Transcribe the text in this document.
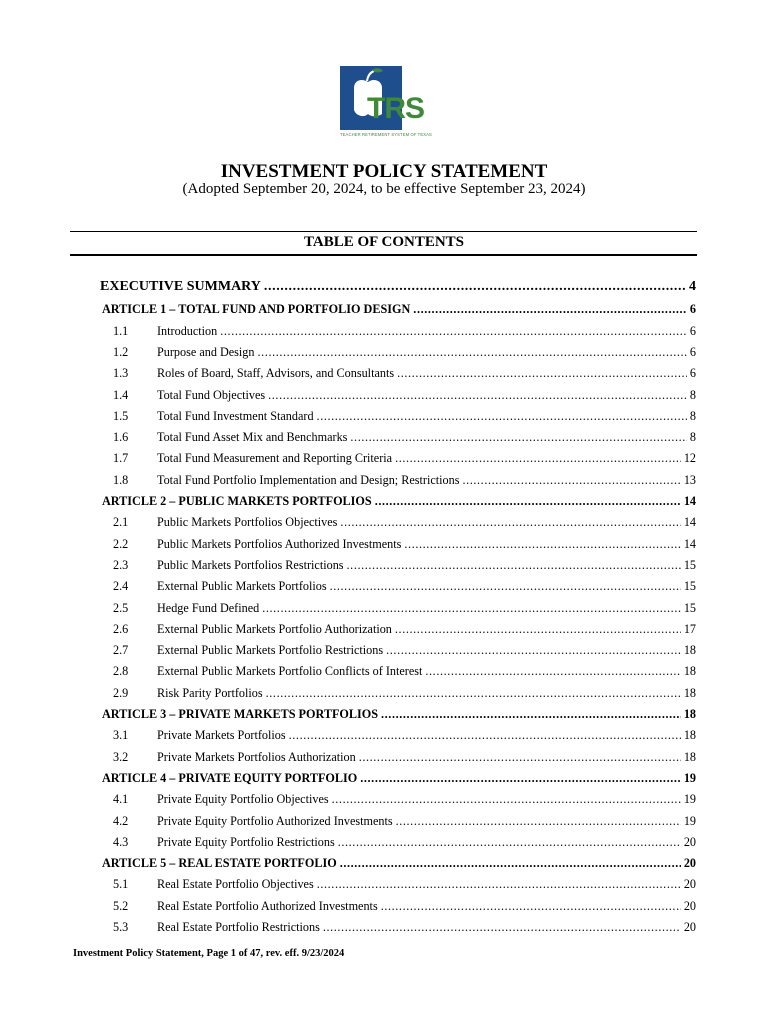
TRS
TEACHER RETIREMENT SYSTEM OF TEXAS
INVESTMENT POLICY STATEMENT
(Adopted September 20, 2024, to be effective September 23, 2024)
TABLE OF CONTENTS
EXECUTIVE SUMMARY .....	4
ARTICLE 1 – TOTAL FUND AND PORTFOLIO DESIGN .....	6
1.1	Introduction .....	6
1.2	Purpose and Design .....	6
1.3	Roles of Board, Staff, Advisors, and Consultants .....	6
1.4	Total Fund Objectives .....	8
1.5	Total Fund Investment Standard .....	8
1.6	Total Fund Asset Mix and Benchmarks .....	8
1.7	Total Fund Measurement and Reporting Criteria .....	12
1.8	Total Fund Portfolio Implementation and Design; Restrictions .....	13
ARTICLE 2 – PUBLIC MARKETS PORTFOLIOS .....	14
2.1	Public Markets Portfolios Objectives .....	14
2.2	Public Markets Portfolios Authorized Investments .....	14
2.3	Public Markets Portfolios Restrictions .....	15
2.4	External Public Markets Portfolios .....	15
2.5	Hedge Fund Defined .....	15
2.6	External Public Markets Portfolio Authorization .....	17
2.7	External Public Markets Portfolio Restrictions .....	18
2.8	External Public Markets Portfolio Conflicts of Interest .....	18
2.9	Risk Parity Portfolios .....	18
ARTICLE 3 – PRIVATE MARKETS PORTFOLIOS .....	18
3.1	Private Markets Portfolios .....	18
3.2	Private Markets Portfolios Authorization .....	18
ARTICLE 4 – PRIVATE EQUITY PORTFOLIO .....	19
4.1	Private Equity Portfolio Objectives .....	19
4.2	Private Equity Portfolio Authorized Investments .....	19
4.3	Private Equity Portfolio Restrictions .....	20
ARTICLE 5 – REAL ESTATE PORTFOLIO .....	20
5.1	Real Estate Portfolio Objectives .....	20
5.2	Real Estate Portfolio Authorized Investments .....	20
5.3	Real Estate Portfolio Restrictions .....	20
Investment Policy Statement, Page 1 of 47, rev. eff. 9/23/2024
